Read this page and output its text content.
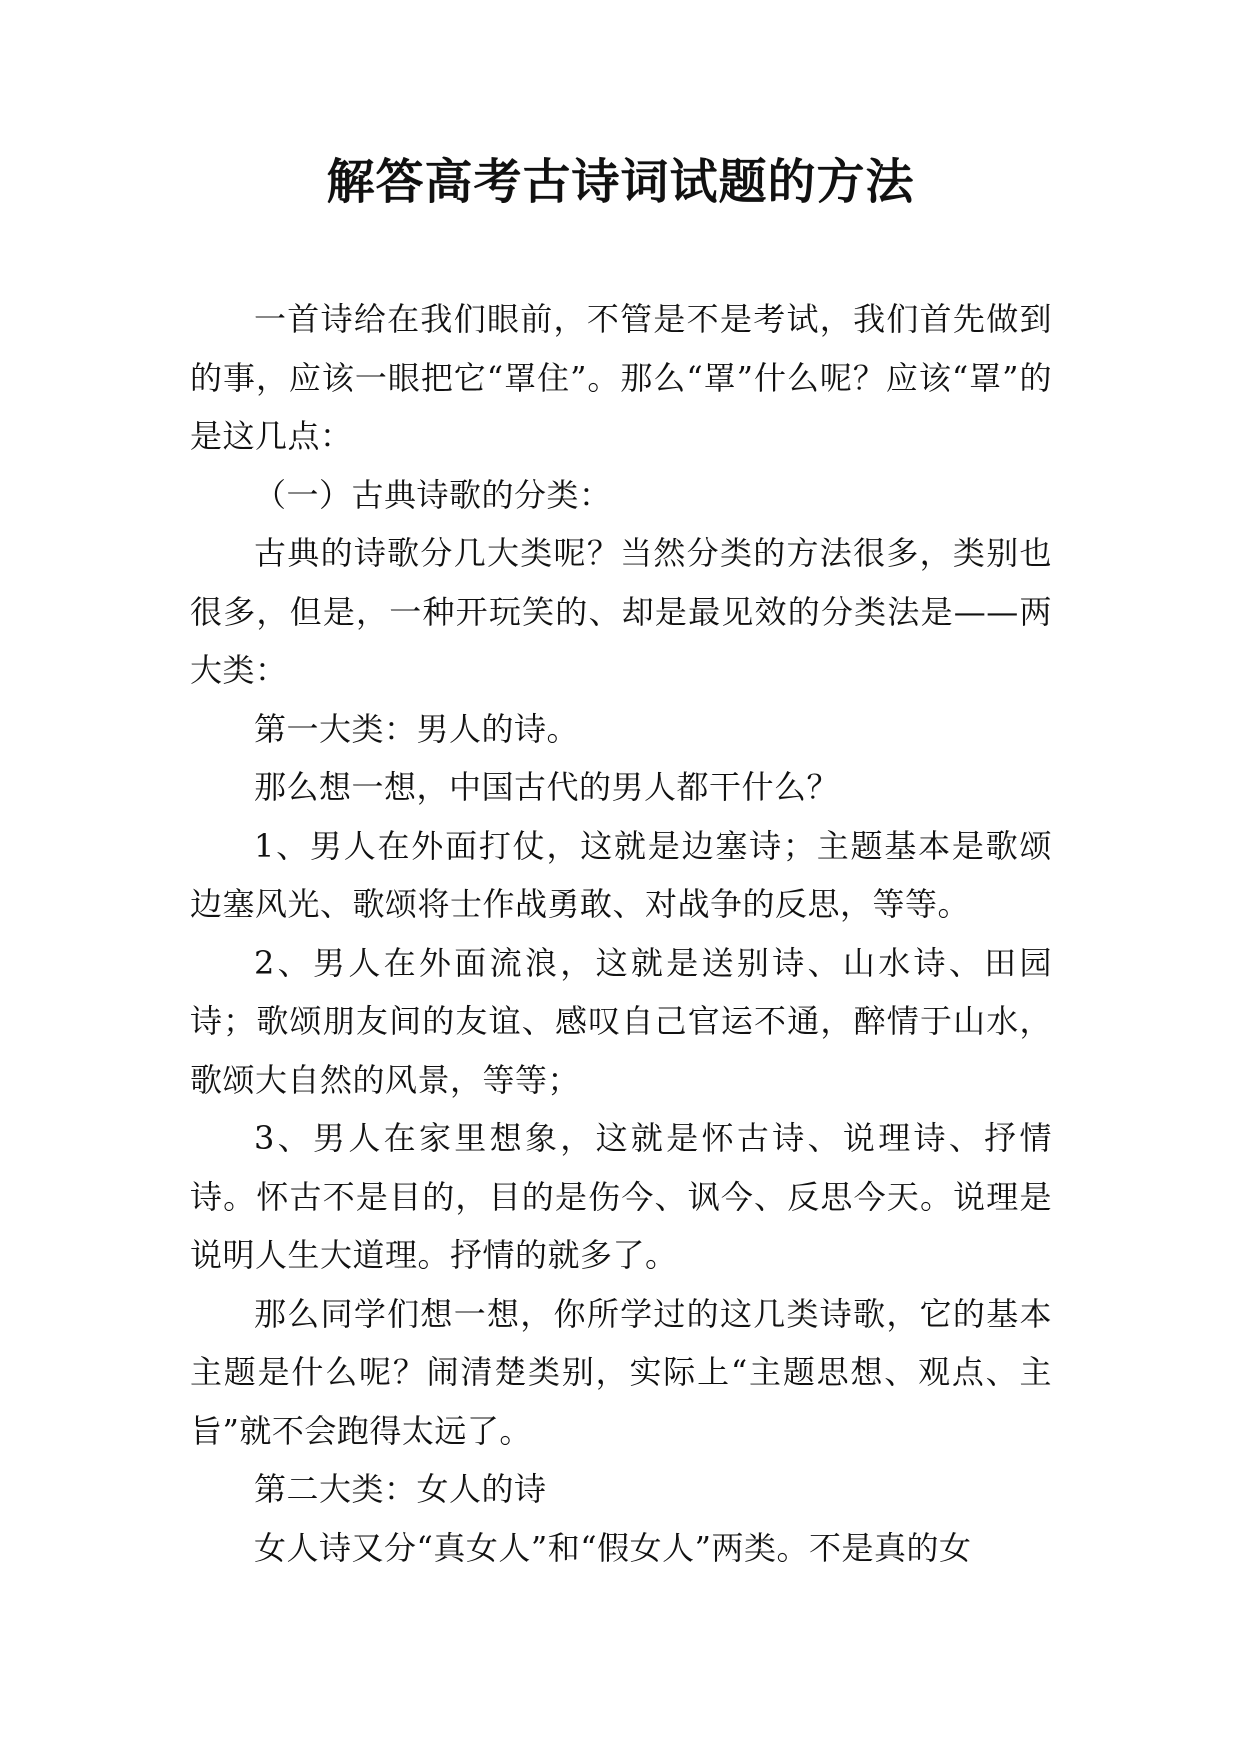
解答高考古诗词试题的方法

一首诗给在我们眼前，不管是不是考试，我们首先做到的事，应该一眼把它“罩住”。那么“罩”什么呢？应该“罩”的是这几点：

（一）古典诗歌的分类：

古典的诗歌分几大类呢？当然分类的方法很多，类别也很多，但是，一种开玩笑的、却是最见效的分类法是——两大类：

第一大类：男人的诗。

那么想一想，中国古代的男人都干什么？

1、男人在外面打仗，这就是边塞诗；主题基本是歌颂边塞风光、歌颂将士作战勇敢、对战争的反思，等等。

2、男人在外面流浪，这就是送别诗、山水诗、田园诗；歌颂朋友间的友谊、感叹自己官运不通，醉情于山水，歌颂大自然的风景，等等；

3、男人在家里想象，这就是怀古诗、说理诗、抒情诗。怀古不是目的，目的是伤今、讽今、反思今天。说理是说明人生大道理。抒情的就多了。

那么同学们想一想，你所学过的这几类诗歌，它的基本主题是什么呢？闹清楚类别，实际上“主题思想、观点、主旨”就不会跑得太远了。

第二大类：女人的诗

女人诗又分“真女人”和“假女人”两类。不是真的女
